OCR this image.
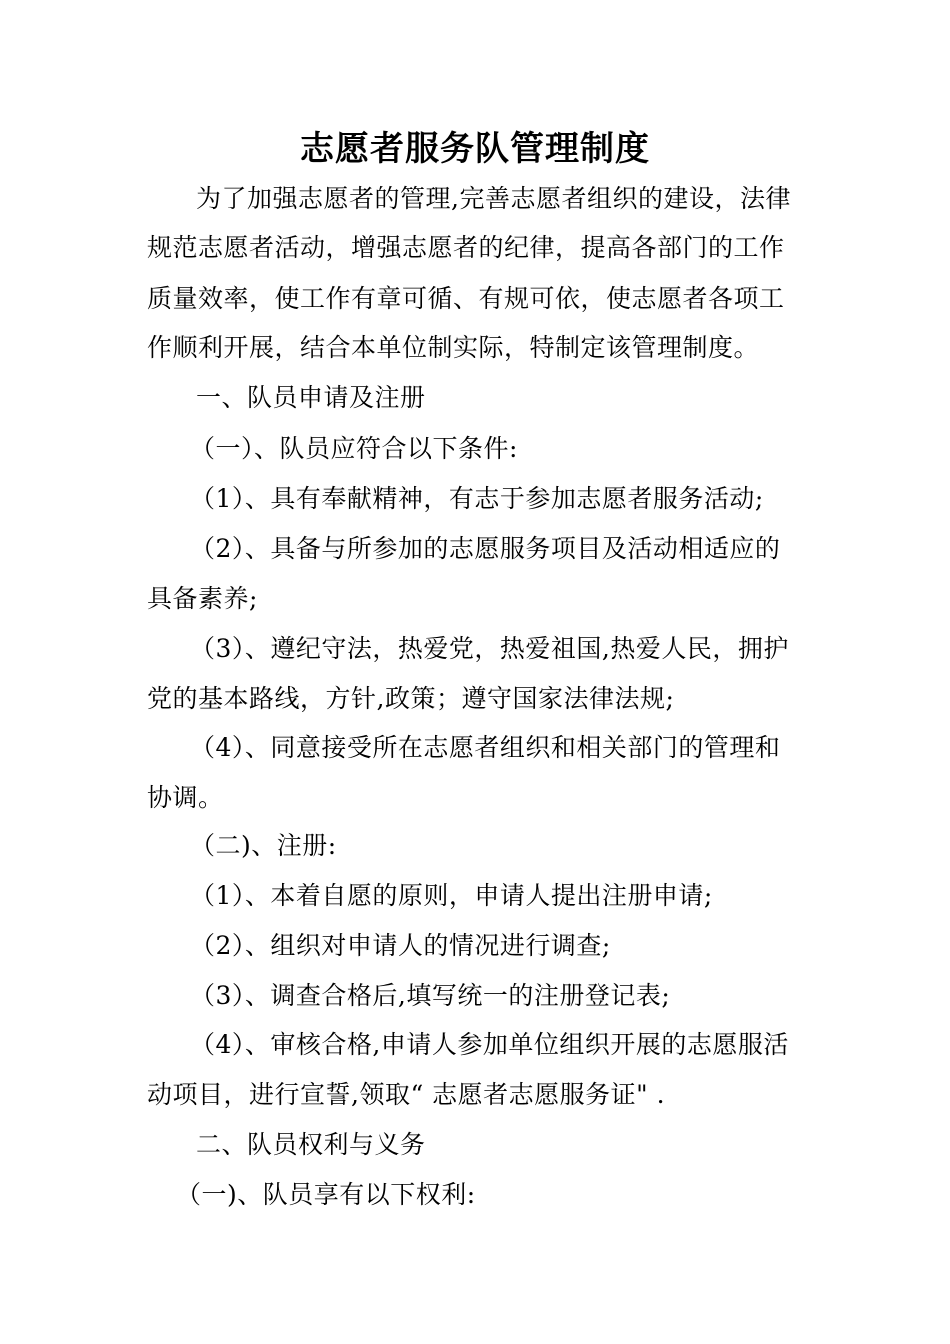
志愿者服务队管理制度
为了加强志愿者的管理,完善志愿者组织的建设，法律
规范志愿者活动，增强志愿者的纪律，提高各部门的工作
质量效率，使工作有章可循、有规可依，使志愿者各项工
作顺利开展，结合本单位制实际，特制定该管理制度。
一、队员申请及注册
（一）、队员应符合以下条件:
（1）、具有奉献精神，有志于参加志愿者服务活动;
（2）、具备与所参加的志愿服务项目及活动相适应的
具备素养;
（3）、遵纪守法，热爱党，热爱祖国,热爱人民，拥护
党的基本路线，方针,政策；遵守国家法律法规;
（4）、同意接受所在志愿者组织和相关部门的管理和
协调。
（二)、注册:
（1）、本着自愿的原则，申请人提出注册申请;
（2）、组织对申请人的情况进行调查;
（3）、调查合格后,填写统一的注册登记表;
（4）、审核合格,申请人参加单位组织开展的志愿服活
动项目，进行宣誓,领取“ 志愿者志愿服务证" .
二、队员权利与义务
（一)、队员享有以下权利:
